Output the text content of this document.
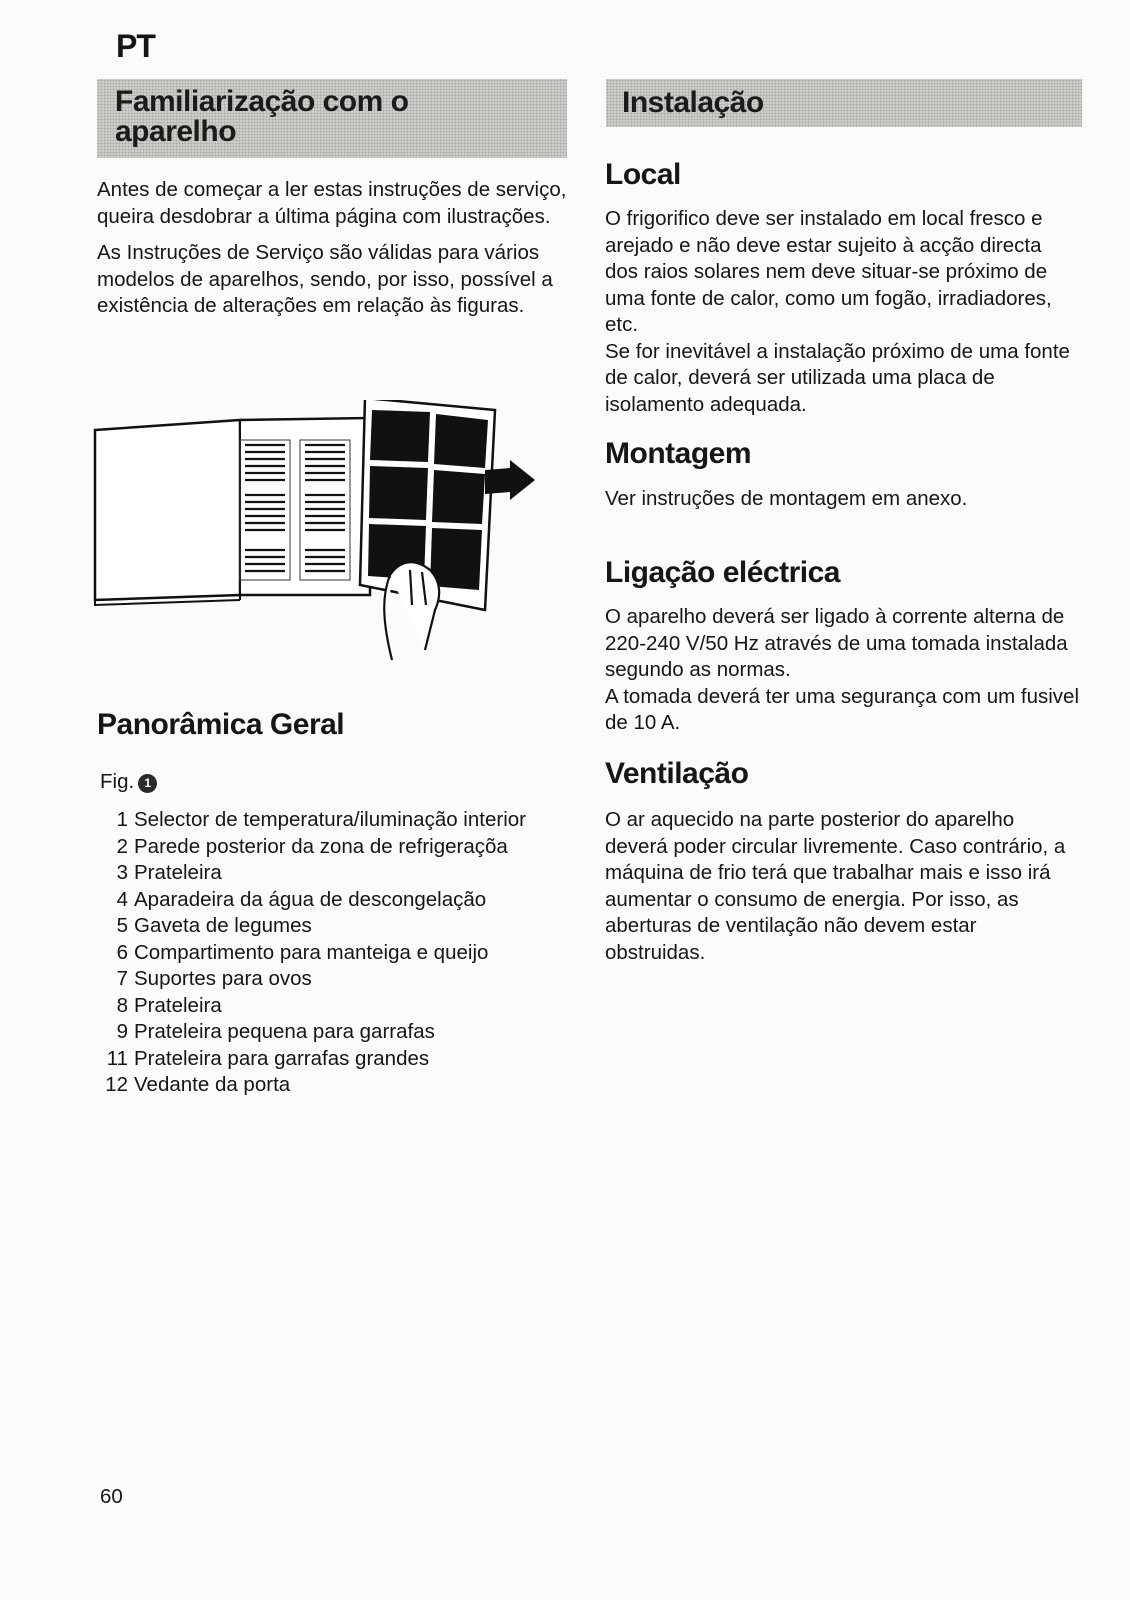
PT
Familiarização com o
aparelho

Antes de começar a ler estas instruções de serviço, queira desdobrar a última página com ilustrações.

As Instruções de Serviço são válidas para vários modelos de aparelhos, sendo, por isso, possível a existência de alterações em relação às figuras.

Panorâmica Geral
Fig. 1
1 Selector de temperatura/iluminação interior
2 Parede posterior da zona de refrigeraçõa
3 Prateleira
4 Aparadeira da água de descongelação
5 Gaveta de legumes
6 Compartimento para manteiga e queijo
7 Suportes para ovos
8 Prateleira
9 Prateleira pequena para garrafas
11 Prateleira para garrafas grandes
12 Vedante da porta
60
Instalação
Local

O frigorifico deve ser instalado em local fresco e arejado e não deve estar sujeito à acção directa dos raios solares nem deve situar-se próximo de uma fonte de calor, como um fogão, irradiadores, etc.

Se for inevitável a instalação próximo de uma fonte de calor, deverá ser utilizada uma placa de isolamento adequada.

Montagem

Ver instruções de montagem em anexo.

Ligação eléctrica

O aparelho deverá ser ligado à corrente alterna de 220-240 V/50 Hz através de uma tomada instalada segundo as normas.

A tomada deverá ter uma segurança com um fusivel de 10 A.

Ventilação

O ar aquecido na parte posterior do aparelho deverá poder circular livremente. Caso contrário, a máquina de frio terá que trabalhar mais e isso irá aumentar o consumo de energia. Por isso, as aberturas de ventilação não devem estar obstruidas.
